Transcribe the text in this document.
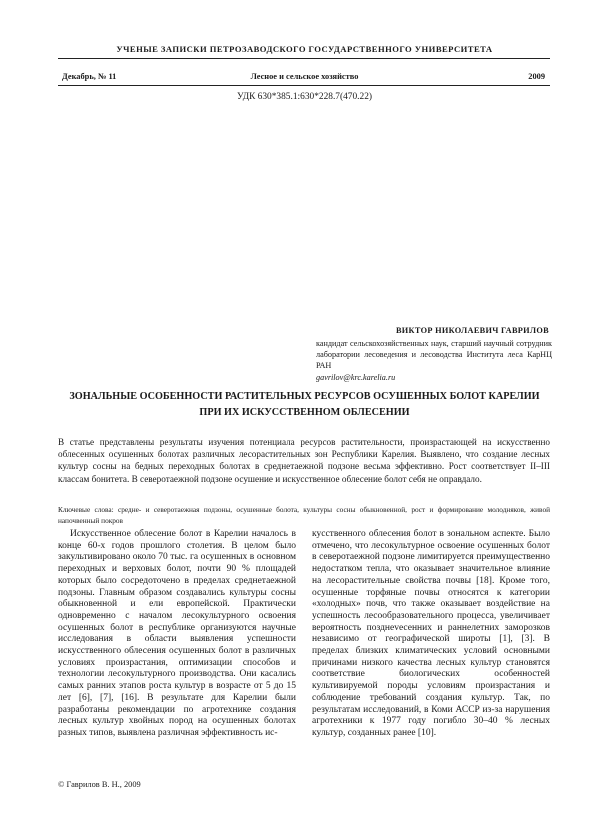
УЧЕНЫЕ ЗАПИСКИ ПЕТРОЗАВОДСКОГО ГОСУДАРСТВЕННОГО УНИВЕРСИТЕТА
Декабрь, № 11	Лесное и сельское хозяйство	2009
УДК 630*385.1:630*228.7(470.22)
ВИКТОР НИКОЛАЕВИЧ ГАВРИЛОВ
кандидат сельскохозяйственных наук, старший научный сотрудник лаборатории лесоведения и лесоводства Института леса КарНЦ РАН
gavrilov@krc.karelia.ru
ЗОНАЛЬНЫЕ ОСОБЕННОСТИ РАСТИТЕЛЬНЫХ РЕСУРСОВ ОСУШЕННЫХ БОЛОТ КАРЕЛИИ
ПРИ ИХ ИСКУССТВЕННОМ ОБЛЕСЕНИИ
В статье представлены результаты изучения потенциала ресурсов растительности, произрастающей на искусственно облесенных осушенных болотах различных лесорастительных зон Республики Карелия. Выявлено, что создание лесных культур сосны на бедных переходных болотах в среднетаежной подзоне весьма эффективно. Рост соответствует II–III классам бонитета. В северотаежной подзоне осушение и искусственное облесение болот себя не оправдало.
Ключевые слова: средне- и северотаежная подзоны, осушенные болота, культуры сосны обыкновенной, рост и формирование молодняков, живой напочвенный покров
Искусственное облесение болот в Карелии началось в конце 60-х годов прошлого столетия. В целом было закультивировано около 70 тыс. га осушенных в основном переходных и верховых болот, почти 90 % площадей которых было сосредоточено в пределах среднетаежной подзоны. Главным образом создавались культуры сосны обыкновенной и ели европейской. Практически одновременно с началом лесокультурного освоения осушенных болот в республике организуются научные исследования в области выявления успешности искусственного облесения осушенных болот в различных условиях произрастания, оптимизации способов и технологии лесокультурного производства. Они касались самых ранних этапов роста культур в возрасте от 5 до 15 лет [6], [7], [16]. В результате для Карелии были разработаны рекомендации по агротехнике создания лесных культур хвойных пород на осушенных болотах разных типов, выявлена различная эффективность ис-
кусственного облесения болот в зональном аспекте. Было отмечено, что лесокультурное освоение осушенных болот в северотаежной подзоне лимитируется преимущественно недостатком тепла, что оказывает значительное влияние на лесорастительные свойства почвы [18]. Кроме того, осушенные торфяные почвы относятся к категории «холодных» почв, что также оказывает воздействие на успешность лесообразовательного процесса, увеличивает вероятность позднevесенних и раннелетних заморозков независимо от географической широты [1], [3]. В пределах близких климатических условий основными причинами низкого качества лесных культур становятся соответствие биологических особенностей культивируемой породы условиям произрастания и соблюдение требований создания культур. Так, по результатам исследований, в Коми АССР из-за нарушения агротехники к 1977 году погибло 30–40 % лесных культур, созданных ранее [10].
© Гаврилов В. Н., 2009
